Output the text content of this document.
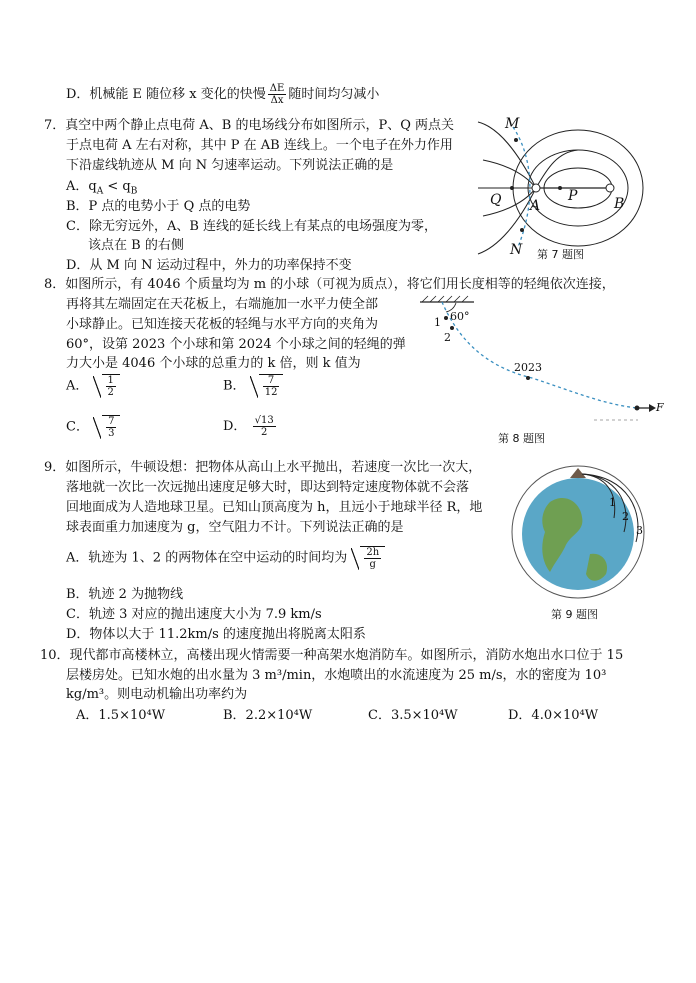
D．机械能 E 随位移 x 变化的快慢 $\frac{\Delta E}{\Delta x}$ 随时间均匀减小
7．真空中两个静止点电荷 A、B 的电场线分布如图所示，P、Q 两点关
于点电荷 A 左右对称，其中 P 在 AB 连线上。一个电子在外力作用
下沿虚线轨迹从 M 向 N 匀速率运动。下列说法正确的是
A．$q_A < q_B$
B．P 点的电势小于 Q 点的电势
C．除无穷远外，A、B 连线的延长线上有某点的电场强度为零，
该点在 B 的右侧
D．从 M 向 N 运动过程中，外力的功率保持不变
M
N
Q A
P	B
第 7 题图
8．如图所示，有 4046 个质量均为 m 的小球（可视为质点），将它们用长度相等的轻绳依次连接，
再将其左端固定在天花板上，右端施加一水平力使全部
小球静止。已知连接天花板的轻绳与水平方向的夹角为
60°，设第 2023 个小球和第 2024 个小球之间的轻绳的弹
力大小是 4046 个小球的总重力的 k 倍，则 k 值为
A． $\frac{1}{2}$	B． $\frac{7}{12}$
C． $\frac{7}{3}$	D． $\frac{√13}{2}$
60°
1
2
2023
F
第 8 题图
9．如图所示，牛顿设想：把物体从高山上水平抛出，若速度一次比一次大，
落地就一次比一次远抛出速度足够大时，即达到特定速度物体就不会落
回地面成为人造地球卫星。已知山顶高度为 h，且远小于地球半径 R，地
球表面重力加速度为 g，空气阻力不计。下列说法正确的是
A．轨迹为 1、2 的两物体在空中运动的时间均为 $\frac{2h}{g}$
B．轨迹 2 为抛物线
C．轨迹 3 对应的抛出速度大小为 7.9 km/s
D．物体以大于 11.2km/s 的速度抛出将脱离太阳系
1
2
3
第 9 题图
10．现代都市高楼林立，高楼出现火情需要一种高架水炮消防车。如图所示，消防水炮出水口位于 15
层楼房处。已知水炮的出水量为 3 m³/min，水炮喷出的水流速度为 25 m/s，水的密度为 10³
kg/m³。则电动机输出功率约为
A．1.5×10⁴W	B．2.2×10⁴W	C．3.5×10⁴W	D．4.0×10⁴W
